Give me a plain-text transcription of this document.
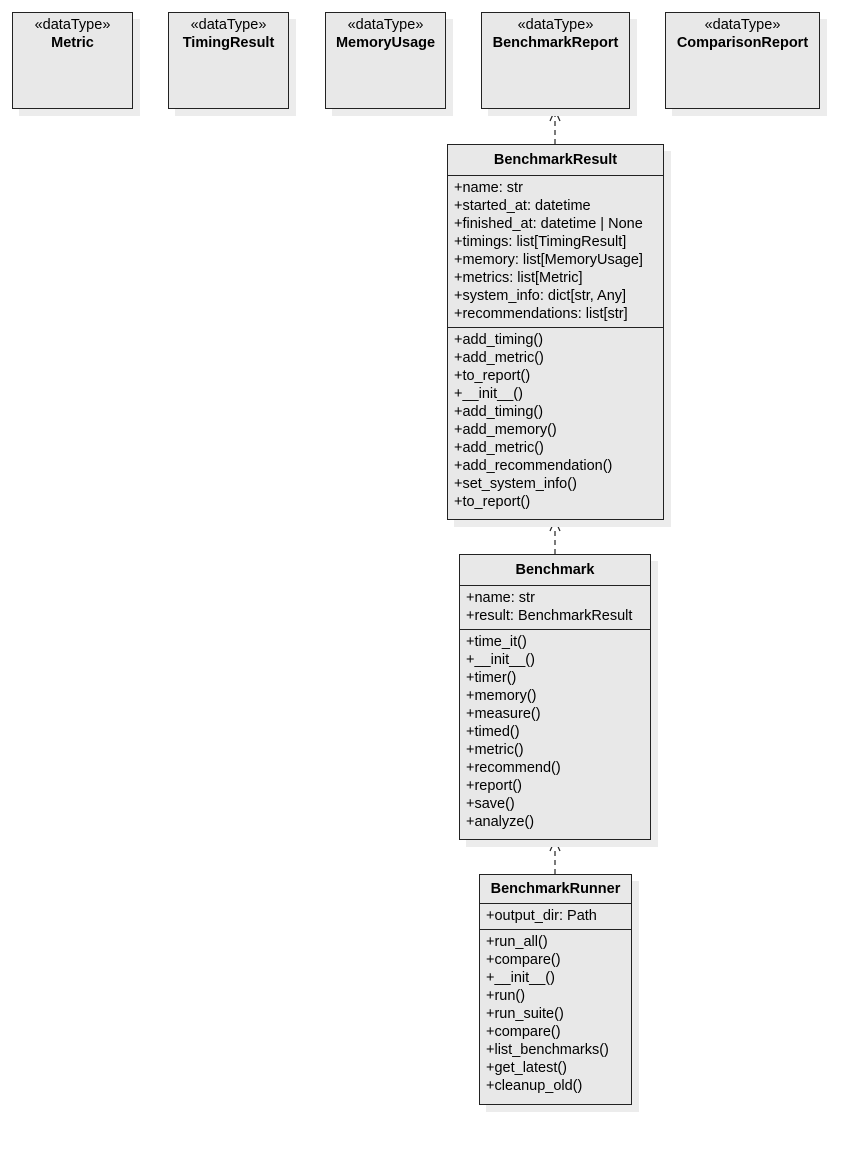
«dataType»
Metric
«dataType»
TimingResult
«dataType»
MemoryUsage
«dataType»
BenchmarkReport
«dataType»
ComparisonReport
BenchmarkResult
+name: str
+started_at: datetime
+finished_at: datetime | None
+timings: list[TimingResult]
+memory: list[MemoryUsage]
+metrics: list[Metric]
+system_info: dict[str, Any]
+recommendations: list[str]
+add_timing()
+add_metric()
+to_report()
+__init__()
+add_timing()
+add_memory()
+add_metric()
+add_recommendation()
+set_system_info()
+to_report()
Benchmark
+name: str
+result: BenchmarkResult
+time_it()
+__init__()
+timer()
+memory()
+measure()
+timed()
+metric()
+recommend()
+report()
+save()
+analyze()
BenchmarkRunner
+output_dir: Path
+run_all()
+compare()
+__init__()
+run()
+run_suite()
+compare()
+list_benchmarks()
+get_latest()
+cleanup_old()
